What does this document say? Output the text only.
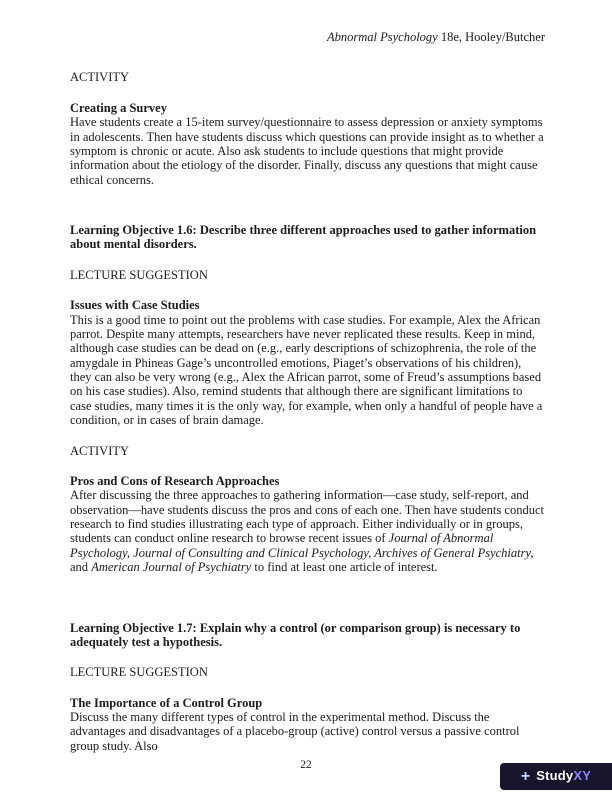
Abnormal Psychology 18e, Hooley/Butcher

ACTIVITY

Creating a Survey

Have students create a 15-item survey/questionnaire to assess depression or anxiety symptoms in adolescents. Then have students discuss which questions can provide insight as to whether a symptom is chronic or acute. Also ask students to include questions that might provide information about the etiology of the disorder. Finally, discuss any questions that might cause ethical concerns.

Learning Objective 1.6: Describe three different approaches used to gather information about mental disorders.

LECTURE SUGGESTION

Issues with Case Studies

This is a good time to point out the problems with case studies. For example, Alex the African parrot. Despite many attempts, researchers have never replicated these results. Keep in mind, although case studies can be dead on (e.g., early descriptions of schizophrenia, the role of the amygdale in Phineas Gage’s uncontrolled emotions, Piaget’s observations of his children), they can also be very wrong (e.g., Alex the African parrot, some of Freud’s assumptions based on his case studies). Also, remind students that although there are significant limitations to case studies, many times it is the only way, for example, when only a handful of people have a condition, or in cases of brain damage.

ACTIVITY

Pros and Cons of Research Approaches

After discussing the three approaches to gathering information—case study, self-report, and observation—have students discuss the pros and cons of each one. Then have students conduct research to find studies illustrating each type of approach. Either individually or in groups, students can conduct online research to browse recent issues of Journal of Abnormal Psychology, Journal of Consulting and Clinical Psychology, Archives of General Psychiatry, and American Journal of Psychiatry to find at least one article of interest.

Learning Objective 1.7: Explain why a control (or comparison group) is necessary to adequately test a hypothesis.

LECTURE SUGGESTION

The Importance of a Control Group

Discuss the many different types of control in the experimental method. Discuss the advantages and disadvantages of a placebo-group (active) control versus a passive control group study. Also

22
+ StudyXY
